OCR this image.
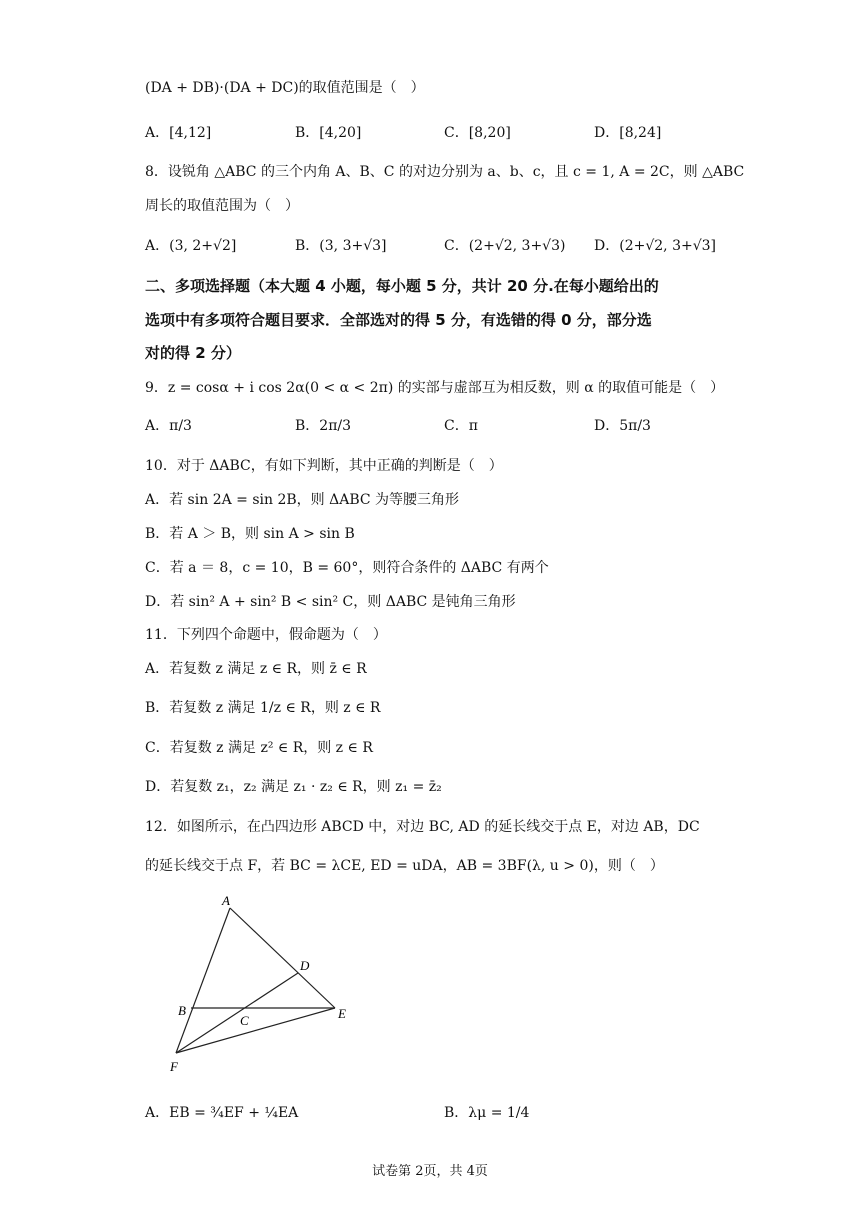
(DA + DB)·(DA + DC)的取值范围是（　）
A．[4,12]	B．[4,20]	C．[8,20]	D．[8,24]
8．设锐角 △ABC 的三个内角 A、B、C 的对边分别为 a、b、c，且 c = 1, A = 2C，则 △ABC
周长的取值范围为（　）
A．(3, 2+√2]	B．(3, 3+√3]	C．(2+√2, 3+√3) D．(2+√2, 3+√3]
二、多项选择题（本大题 4 小题，每小题 5 分，共计 20 分.在每小题给出的
选项中有多项符合题目要求．全部选对的得 5 分，有选错的得 0 分，部分选
对的得 2 分）
9．z = cosα + i cos 2α(0 < α < 2π) 的实部与虚部互为相反数，则 α 的取值可能是（　）
A．π/3	B．2π/3	C．π	D．5π/3
10．对于 ΔABC，有如下判断，其中正确的判断是（　）
A．若 sin 2A = sin 2B，则 ΔABC 为等腰三角形
B．若 A ＞ B，则 sin A > sin B
C．若 a ＝ 8，c = 10，B = 60°，则符合条件的 ΔABC 有两个
D．若 sin² A + sin² B < sin² C，则 ΔABC 是钝角三角形
11．下列四个命题中，假命题为（　）
A．若复数 z 满足 z ∈ R，则 z̄ ∈ R
B．若复数 z 满足 1/z ∈ R，则 z ∈ R
C．若复数 z 满足 z² ∈ R，则 z ∈ R
D．若复数 z₁，z₂ 满足 z₁ · z₂ ∈ R，则 z₁ = z̄₂
12．如图所示，在凸四边形 ABCD 中，对边 BC, AD 的延长线交于点 E，对边 AB，DC
的延长线交于点 F，若 BC = λCE, ED = uDA，AB = 3BF(λ, u > 0)，则（　）
A
D
B
C	E
F
A．EB = ¾EF + ¼EA	B．λμ = 1/4
试卷第 2页，共 4页
